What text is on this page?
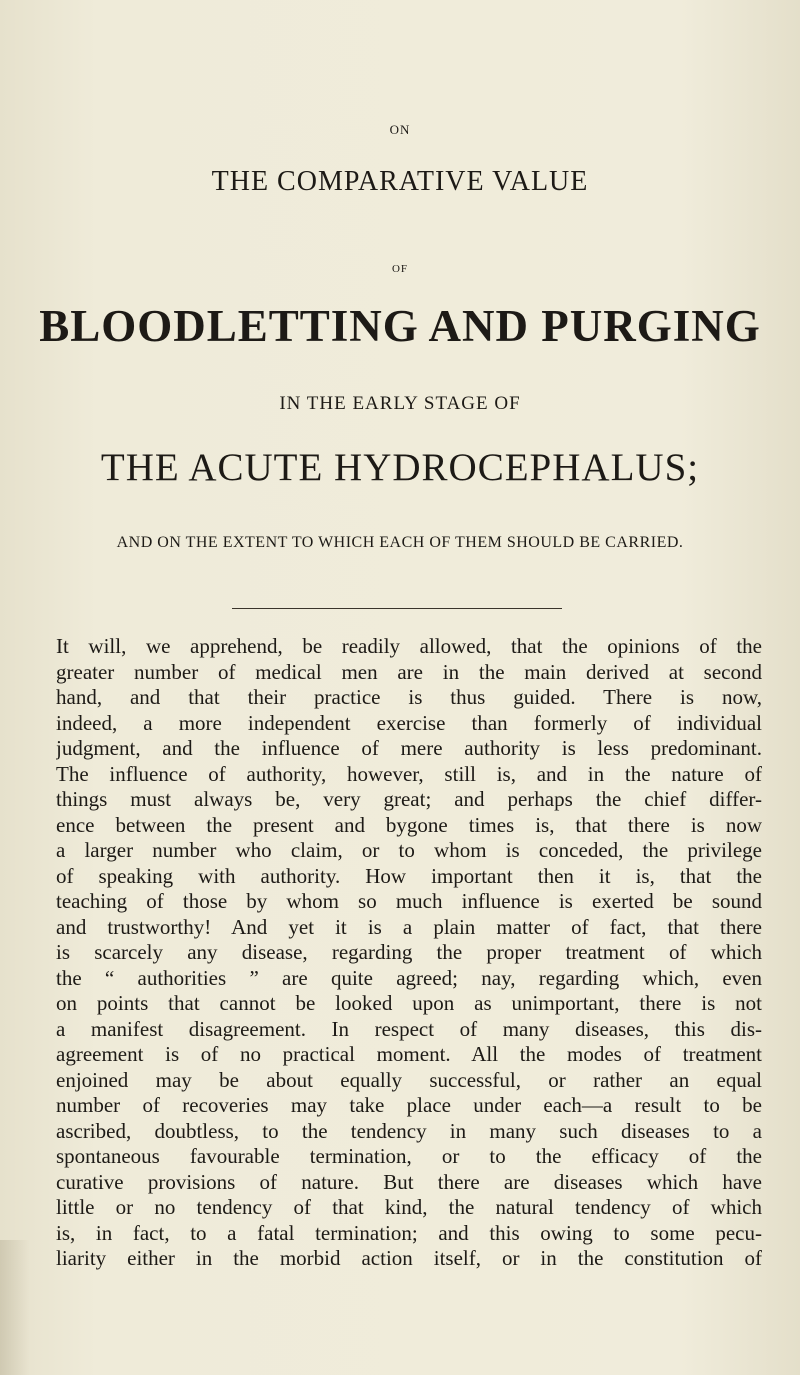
ON
THE COMPARATIVE VALUE
OF
BLOODLETTING AND PURGING
IN THE EARLY STAGE OF
THE ACUTE HYDROCEPHALUS;
AND ON THE EXTENT TO WHICH EACH OF THEM SHOULD BE CARRIED.
It will, we apprehend, be readily allowed, that the opinions of the
greater number of medical men are in the main derived at second
hand, and that their practice is thus guided. There is now,
indeed, a more independent exercise than formerly of individual
judgment, and the influence of mere authority is less predominant.
The influence of authority, however, still is, and in the nature of
things must always be, very great; and perhaps the chief differ-
ence between the present and bygone times is, that there is now
a larger number who claim, or to whom is conceded, the privilege
of speaking with authority. How important then it is, that the
teaching of those by whom so much influence is exerted be sound
and trustworthy! And yet it is a plain matter of fact, that there
is scarcely any disease, regarding the proper treatment of which
the “ authorities ” are quite agreed; nay, regarding which, even
on points that cannot be looked upon as unimportant, there is not
a manifest disagreement. In respect of many diseases, this dis-
agreement is of no practical moment. All the modes of treatment
enjoined may be about equally successful, or rather an equal
number of recoveries may take place under each—a result to be
ascribed, doubtless, to the tendency in many such diseases to a
spontaneous favourable termination, or to the efficacy of the
curative provisions of nature. But there are diseases which have
little or no tendency of that kind, the natural tendency of which
is, in fact, to a fatal termination; and this owing to some pecu-
liarity either in the morbid action itself, or in the constitution of
